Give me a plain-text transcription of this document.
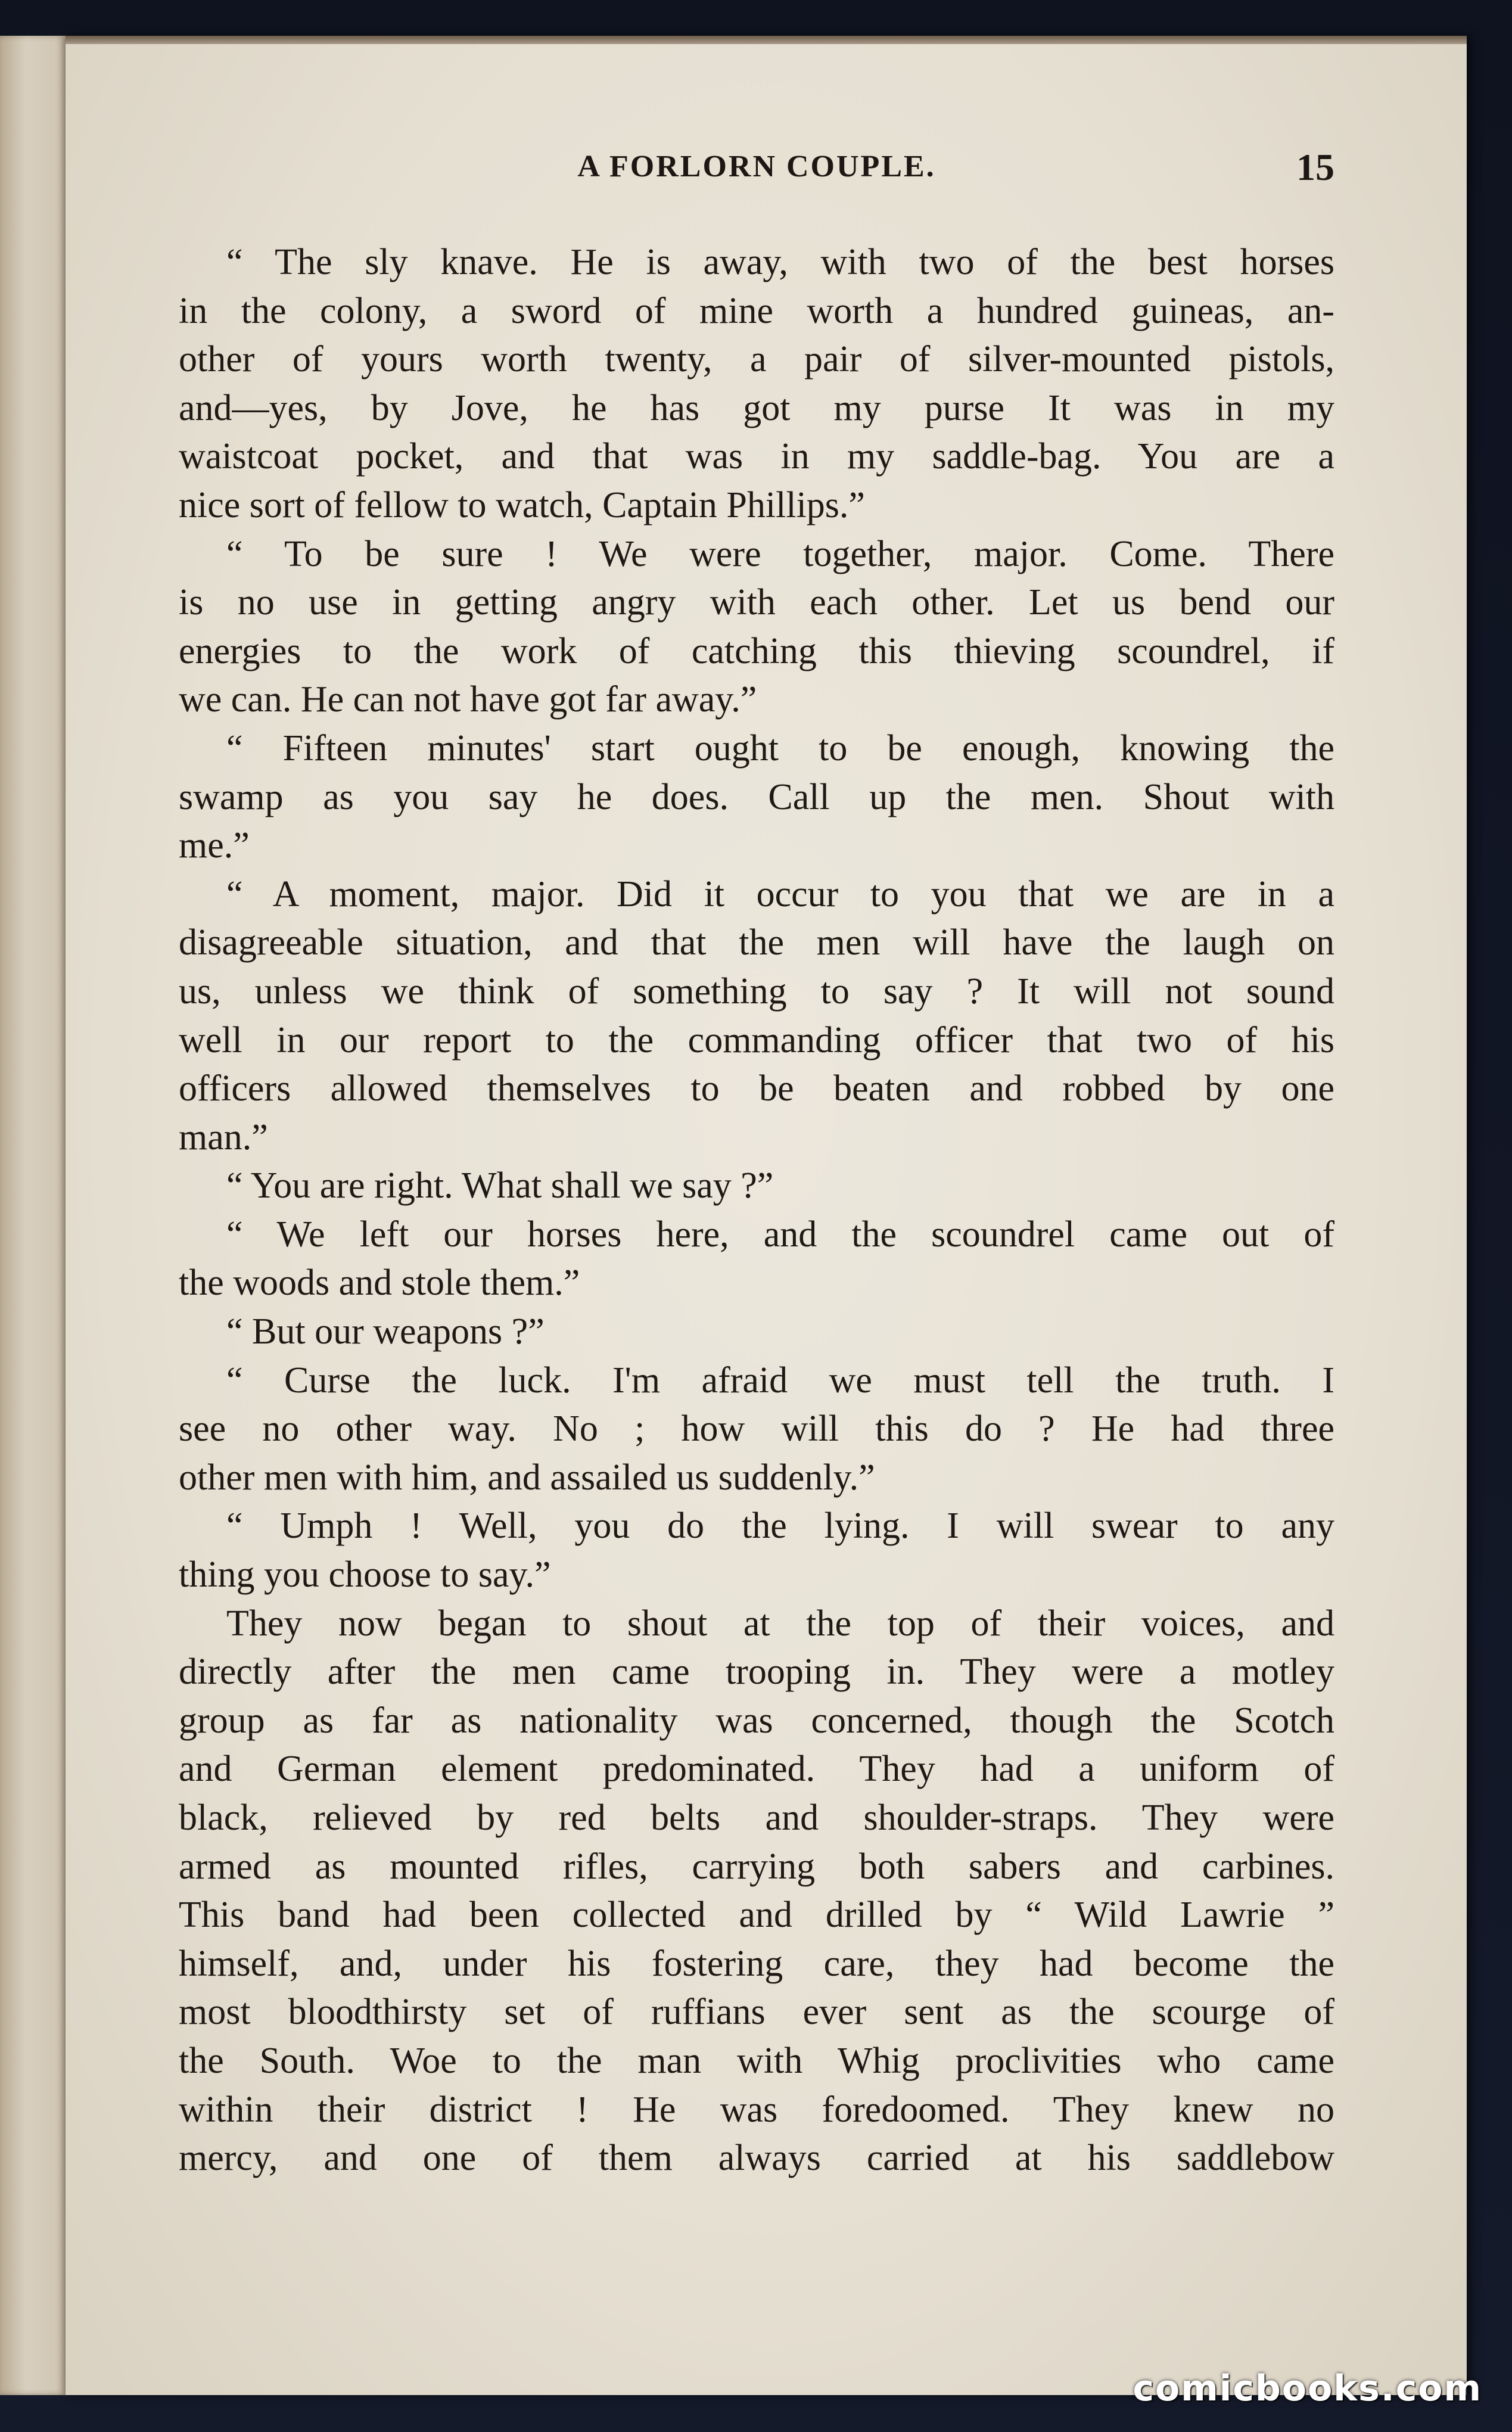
A FORLORN COUPLE.	15
“ The sly knave. He is away, with two of the best horses
in the colony, a sword of mine worth a hundred guineas, an-
other of yours worth twenty, a pair of silver-mounted pistols,
and—yes, by Jove, he has got my purse It was in my
waistcoat pocket, and that was in my saddle-bag. You are a
nice sort of fellow to watch, Captain Phillips.”
“ To be sure ! We were together, major. Come. There
is no use in getting angry with each other. Let us bend our
energies to the work of catching this thieving scoundrel, if
we can. He can not have got far away.”
“ Fifteen minutes' start ought to be enough, knowing the
swamp as you say he does. Call up the men. Shout with
me.”
“ A moment, major. Did it occur to you that we are in a
disagreeable situation, and that the men will have the laugh on
us, unless we think of something to say ? It will not sound
well in our report to the commanding officer that two of his
officers allowed themselves to be beaten and robbed by one
man.”
“ You are right. What shall we say ?”
“ We left our horses here, and the scoundrel came out of
the woods and stole them.”
“ But our weapons ?”
“ Curse the luck. I'm afraid we must tell the truth. I
see no other way. No ; how will this do ? He had three
other men with him, and assailed us suddenly.”
“ Umph ! Well, you do the lying. I will swear to any
thing you choose to say.”
They now began to shout at the top of their voices, and
directly after the men came trooping in. They were a motley
group as far as nationality was concerned, though the Scotch
and German element predominated. They had a uniform of
black, relieved by red belts and shoulder-straps. They were
armed as mounted rifles, carrying both sabers and carbines.
This band had been collected and drilled by “ Wild Lawrie ”
himself, and, under his fostering care, they had become the
most bloodthirsty set of ruffians ever sent as the scourge of
the South. Woe to the man with Whig proclivities who came
within their district ! He was foredoomed. They knew no
mercy, and one of them always carried at his saddlebow
comicbooks.com
